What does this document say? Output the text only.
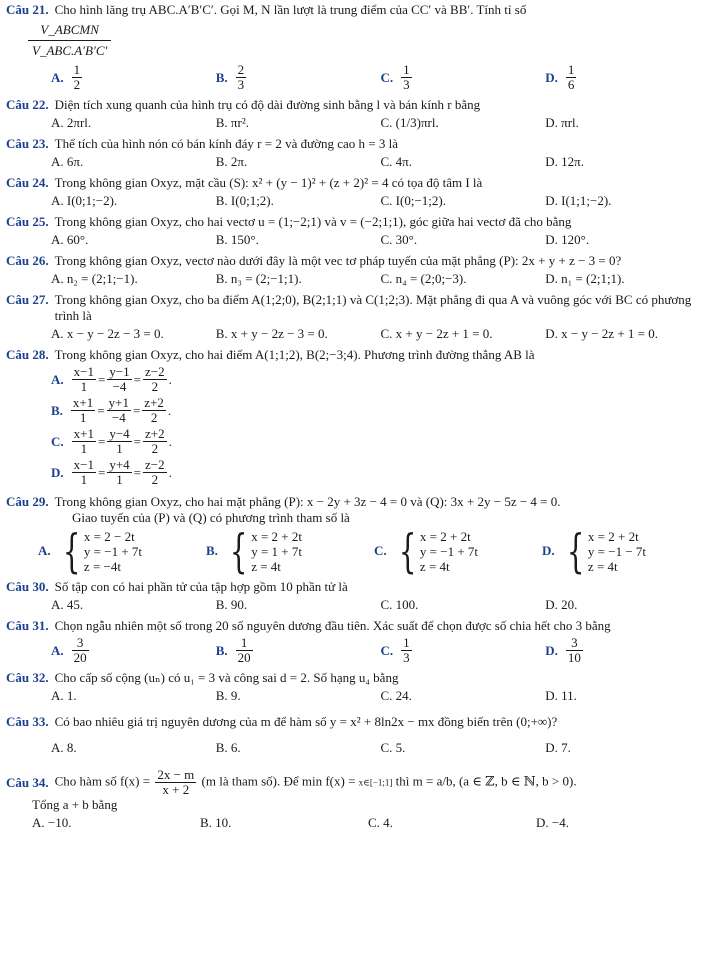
Câu 21. Cho hình lăng trụ ABC.A′B′C′. Gọi M, N lần lượt là trung điểm của CC′ và BB′. Tính tỉ số
$\frac{\text{V\_ABCMN}}{\text{V\_ABC.A′B′C′}}$
A. $\frac{1}{2}$	B. $\frac{2}{3}$	C. $\frac{1}{3}$	D. $\frac{1}{6}$
Câu 22. Diện tích xung quanh của hình trụ có độ dài đường sinh bằng l và bán kính r bằng
A. 2πrl.	B. πr².	C. (1/3)πrl.	D. πrl.
Câu 23. Thể tích của hình nón có bán kính đáy r = 2 và đường cao h = 3 là
A. 6π.	B. 2π.	C. 4π.	D. 12π.
Câu 24. Trong không gian Oxyz, mặt cầu (S): x² + (y − 1)² + (z + 2)² = 4 có tọa độ tâm I là
A. I(0;1;−2).	B. I(0;1;2).	C. I(0;−1;2).	D. I(1;1;−2).
Câu 25. Trong không gian Oxyz, cho hai vectơ u = (1;−2;1) và v = (−2;1;1), góc giữa hai vectơ đã cho bằng
A. 60°.	B. 150°.	C. 30°.	D. 120°.
Câu 26. Trong không gian Oxyz, vectơ nào dưới đây là một vec tơ pháp tuyến của mặt phẳng (P): 2x + y + z − 3 = 0?
A. n₂ = (2;1;−1).	B. n₃ = (2;−1;1).	C. n₄ = (2;0;−3).	D. n₁ = (2;1;1).
Câu 27. Trong không gian Oxyz, cho ba điểm A(1;2;0), B(2;1;1) và C(1;2;3). Mặt phẳng đi qua A và vuông góc với BC có phương trình là
A. x − y − 2z − 3 = 0.	B. x + y − 2z − 3 = 0.	C. x + y − 2z + 1 = 0.	D. x − y − 2z + 1 = 0.
Câu 28. Trong không gian Oxyz, cho hai điểm A(1;1;2), B(2;−3;4). Phương trình đường thẳng AB là
A. $\frac{x-1}{1} = \frac{y-1}{-4} = \frac{z-2}{2}$ .
B. $\frac{x+1}{1} = \frac{y+1}{-4} = \frac{z+2}{2}$ .
C. $\frac{x+1}{1} = \frac{y-4}{1} = \frac{z+2}{2}$ .
D. $\frac{x-1}{1} = \frac{y+4}{1} = \frac{z-2}{2}$ .
Câu 29. Trong không gian Oxyz, cho hai mặt phẳng (P): x − 2y + 3z − 4 = 0 và (Q): 3x + 2y − 5z − 4 = 0.
Giao tuyến của (P) và (Q) có phương trình tham số là
A. { x = 2 − 2t
y = −1 + 7t
z = −4t
B. { x = 2 + 2t
y = 1 + 7t
z = 4t
C. { x = 2 + 2t
y = −1 + 7t
z = 4t
D. { x = 2 + 2t
y = −1 − 7t
z = 4t
Câu 30. Số tập con có hai phần tử của tập hợp gồm 10 phần tử là
A. 45.	B. 90.	C. 100.	D. 20.
Câu 31. Chọn ngẫu nhiên một số trong 20 số nguyên dương đầu tiên. Xác suất để chọn được số chia hết cho 3 bằng
A. $\frac{3}{20}$	B. $\frac{1}{20}$	C. $\frac{1}{3}$	D. $\frac{3}{10}$
Câu 32. Cho cấp số cộng (uₙ) có u₁ = 3 và công sai d = 2. Số hạng u₄ bằng
A. 1.	B. 9.	C. 24.	D. 11.
Câu 33. Có bao nhiêu giá trị nguyên dương của m để hàm số y = x² + 8ln2x − mx đồng biến trên (0;+∞)?
A. 8.	B. 6.	C. 5.	D. 7.
Câu 34. Cho hàm số $f(x) = \frac{2x - m}{x + 2} (m$ là tham số). Để min f(x) = x∈[−1;1] thì m = a/b, (a ∈ ℤ, b ∈ ℕ, b > 0).
Tổng a + b bằng
A. −10.	B. 10.	C. 4.	D. −4.
